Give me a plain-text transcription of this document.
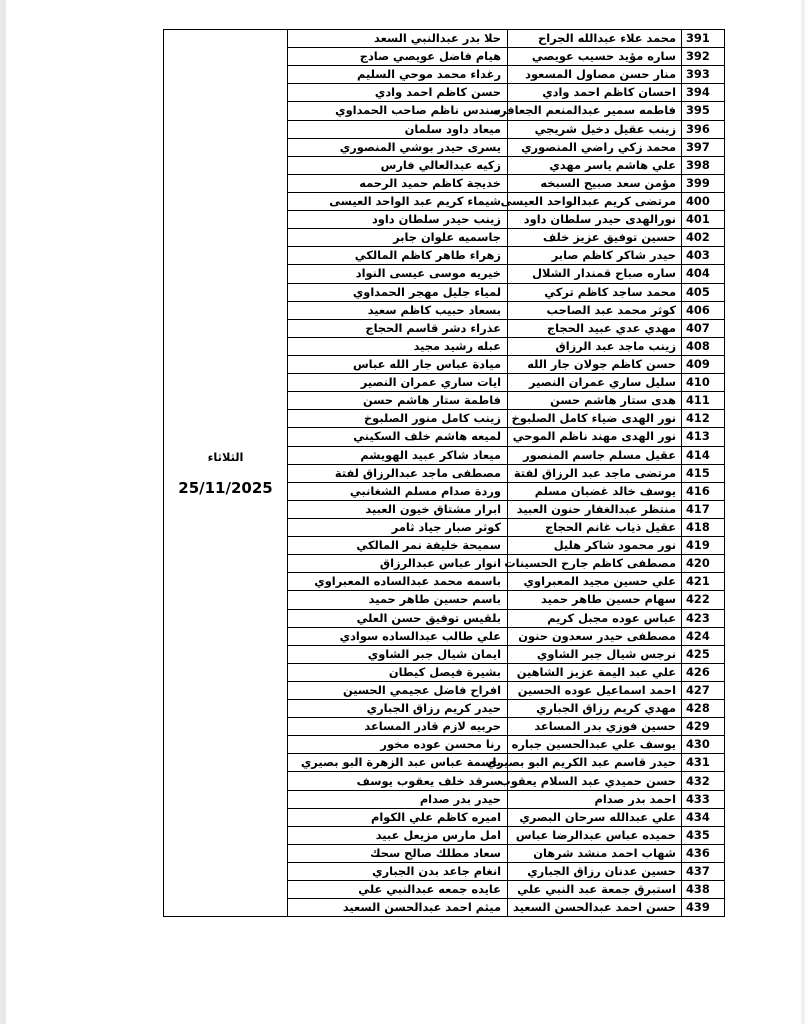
الثلاثاء
25/11/2025	حلا بدر عبدالنبي السعد	محمد علاء عبدالله الجراح	391
	هيام فاضل عويصي صادج	ساره مؤيد حسيب عويصي	392
	رغداء محمد موحي السليم	منار حسن مصاول المسعود	393
	حسن كاظم احمد وادي	احسان كاظم احمد وادي	394
	سندس ناظم صاحب الحمداوي	فاطمه سمير عبدالمنعم الجعافره	395
	ميعاد داود سلمان	زينب عقيل دخيل شريجي	396
	يسرى حيدر بوشي المنصوري	محمد زكي راضي المنصوري	397
	زكيه عبدالعالي فارس	علي هاشم ياسر مهدي	398
	خديجة كاظم حميد الرحمه	مؤمن سعد صبيح السبخه	399
	شيماء كريم عبد الواحد العيسى	مرتضى كريم عبدالواحد العيسى	400
	زينب حيدر سلطان داود	نورالهدى حيدر سلطان داود	401
	جاسميه علوان جابر	حسين توفيق عزيز خلف	402
	زهراء طاهر كاظم المالكي	حيدر شاكر كاظم صابر	403
	خيريه موسى عيسى النواد	ساره صباح قمندار الشلال	404
	لمياء جليل مهجر الحمداوي	محمد ساجد كاظم تركي	405
	بسعاد حبيب كاظم سعيد	كوثر محمد عبد الصاحب	406
	عذراء دشر قاسم الحجاج	مهدي عدي عبيد الحجاج	407
	عبله رشيد مجيد	زينب ماجد عبد الرزاق	408
	ميادة عباس جار الله عباس	حسن كاظم جولان جار الله	409
	ايات ساري عمران النصير	سليل ساري عمران النصير	410
	فاطمة ستار هاشم حسن	هدى ستار هاشم حسن	411
	زينب كامل منور الصلبوخ	نور الهدى ضياء كامل الصلبوخ	412
	لميعه هاشم خلف السكيني	نور الهدى مهند ناظم الموحي	413
	ميعاد شاكر عبيد الهويشم	عقيل مسلم جاسم المنصور	414
	مصطفى ماجد عبدالرزاق لفتة	مرتضى ماجد عبد الرزاق لفتة	415
	وردة صدام مسلم الشغانبي	يوسف خالد غضبان مسلم	416
	ابرار مشتاق خيون العبيد	منتظر عبدالغفار حنون العبيد	417
	كوثر صبار جياد ثامر	عقيل ذياب غانم الحجاج	418
	سميحة خليفة نمر المالكي	نور محمود شاكر هليل	419
	انوار عباس عبدالرزاق	مصطفى كاظم جارح الحسينات	420
	باسمه محمد عبدالساده المعبراوي	علي حسين مجيد المعبراوي	421
	باسم حسين طاهر حميد	سهام حسين طاهر حميد	422
	بلقيس توفيق حسن العلي	عباس عوده مجبل كريم	423
	علي طالب عبدالساده سوادي	مصطفى حيدر سعدون حنون	424
	ايمان شيال جبر الشاوي	نرجس شيال جبر الشاوي	425
	بشيرة فيصل كيطان	علي عبد اليمة عزيز الشاهين	426
	افراح فاضل عجيمي الحسين	احمد اسماعيل عوده الحسين	427
	حيدر كريم رزاق الجباري	مهدي كريم رزاق الجباري	428
	حربيه لازم قادر المساعد	حسين فوزي بدر المساعد	429
	رنا محسن عوده مخور	يوسف علي عبدالحسين جباره	430
	باسمة عباس عبد الزهرة البو بصيري	حيدر قاسم عبد الكريم البو بصيري	431
	سرقد خلف يعقوب يوسف	حسن حميدي عبد السلام يعقوب	432
	حيدر بدر صدام	احمد بدر صدام	433
	اميره كاظم علي الكوام	علي عبدالله سرحان البصري	434
	امل مارس مزيعل عبيد	حميده عباس عبدالرضا عباس	435
	سعاد مطلك صالح سحك	شهاب احمد منشد شرهان	436
	انغام جاعد بدن الجباري	حسين عدنان رزاق الجباري	437
	عايده جمعه عبدالنبي علي	استبرق جمعة عبد النبي علي	438
	ميثم احمد عبدالحسن السعيد	حسن احمد عبدالحسن السعيد	439
